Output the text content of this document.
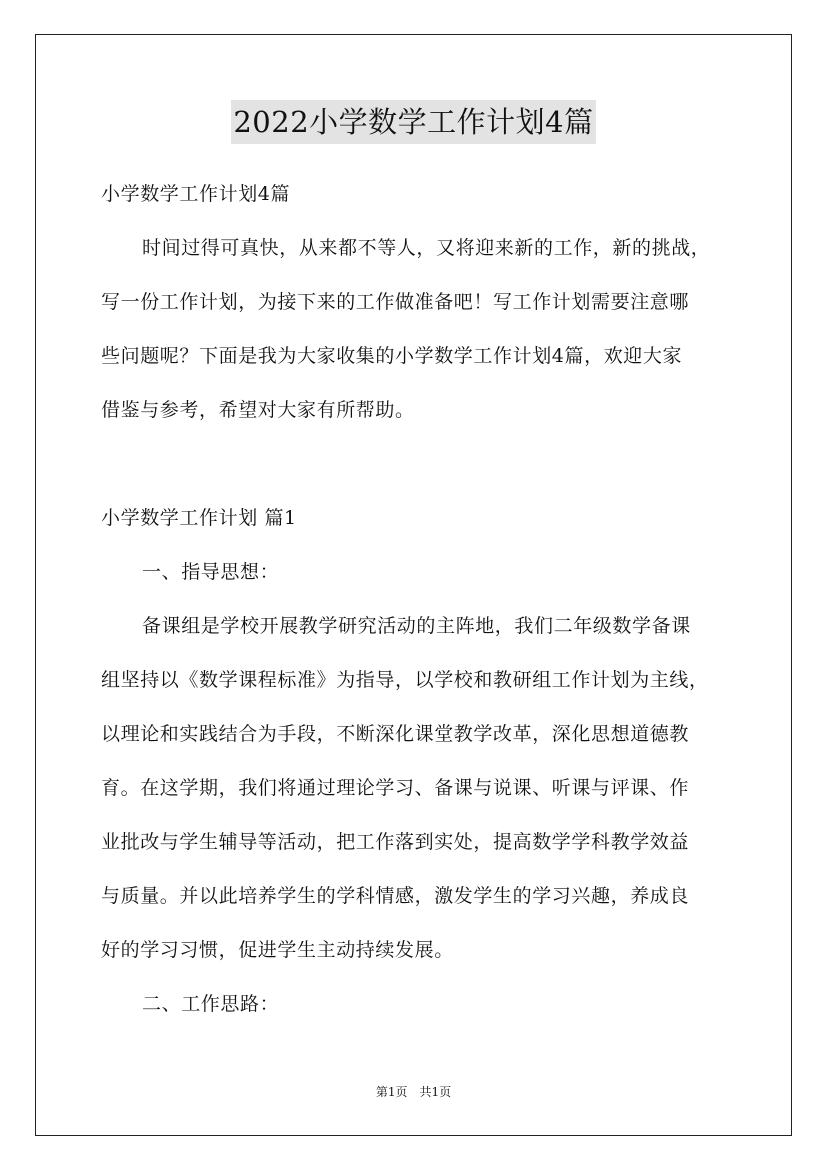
2022小学数学工作计划4篇
小学数学工作计划4篇
时间过得可真快，从来都不等人，又将迎来新的工作，新的挑战，
写一份工作计划，为接下来的工作做准备吧！写工作计划需要注意哪
些问题呢？下面是我为大家收集的小学数学工作计划4篇，欢迎大家
借鉴与参考，希望对大家有所帮助。
小学数学工作计划 篇1
一、指导思想：
备课组是学校开展教学研究活动的主阵地，我们二年级数学备课
组坚持以《数学课程标准》为指导，以学校和教研组工作计划为主线，
以理论和实践结合为手段，不断深化课堂教学改革，深化思想道德教
育。在这学期，我们将通过理论学习、备课与说课、听课与评课、作
业批改与学生辅导等活动，把工作落到实处，提高数学学科教学效益
与质量。并以此培养学生的学科情感，激发学生的学习兴趣，养成良
好的学习习惯，促进学生主动持续发展。
二、工作思路：
第1页　共1页
